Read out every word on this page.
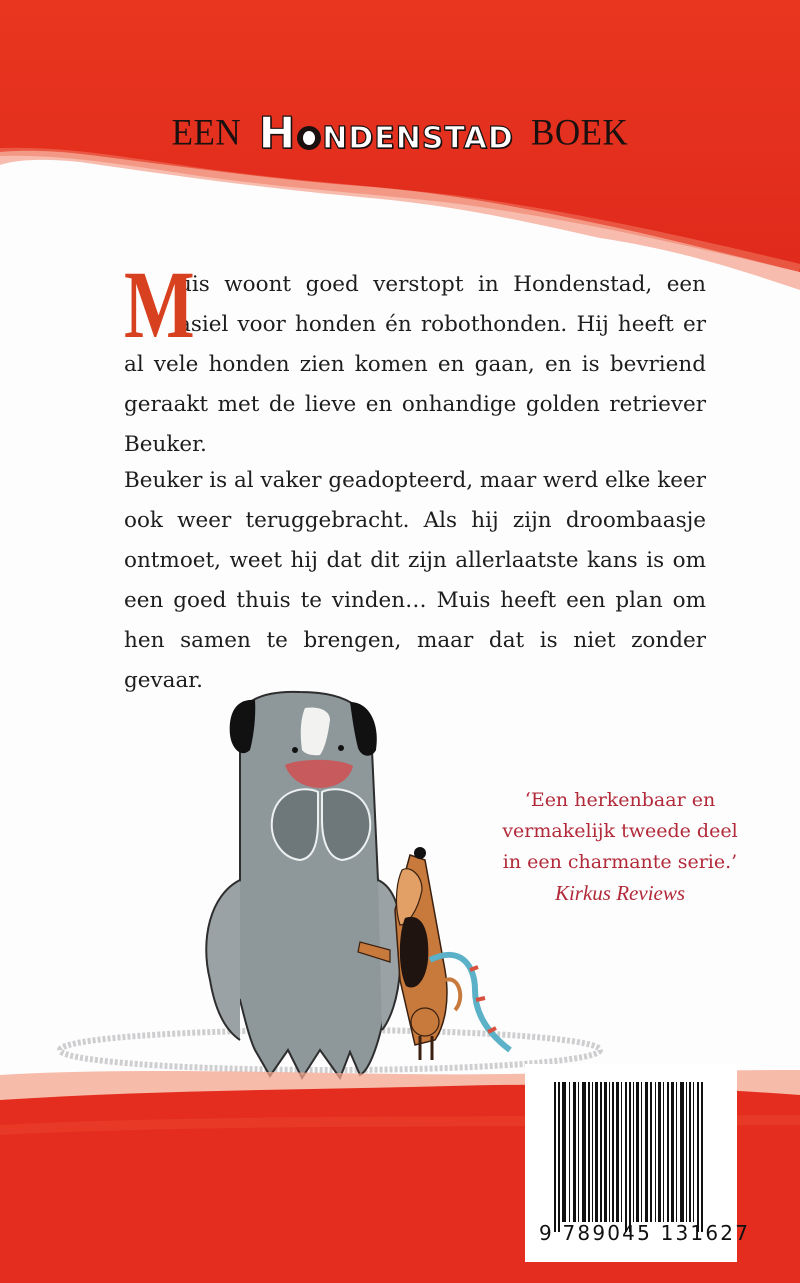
EEN H NDENSTAD BOEK
M
uis woont goed verstopt in Hondenstad, een asiel voor honden én robothonden. Hij heeft er al vele honden zien komen en gaan, en is bevriend geraakt met de lieve en onhandige golden retriever Beuker.
Beuker is al vaker geadopteerd, maar werd elke keer ook weer teruggebracht. Als hij zijn droombaasje ontmoet, weet hij dat dit zijn allerlaatste kans is om een goed thuis te vinden… Muis heeft een plan om hen samen te brengen, maar dat is niet zonder gevaar.
‘Een herkenbaar en vermakelijk tweede deel in een charmante serie.’
Kirkus Reviews
9 789045 131627
